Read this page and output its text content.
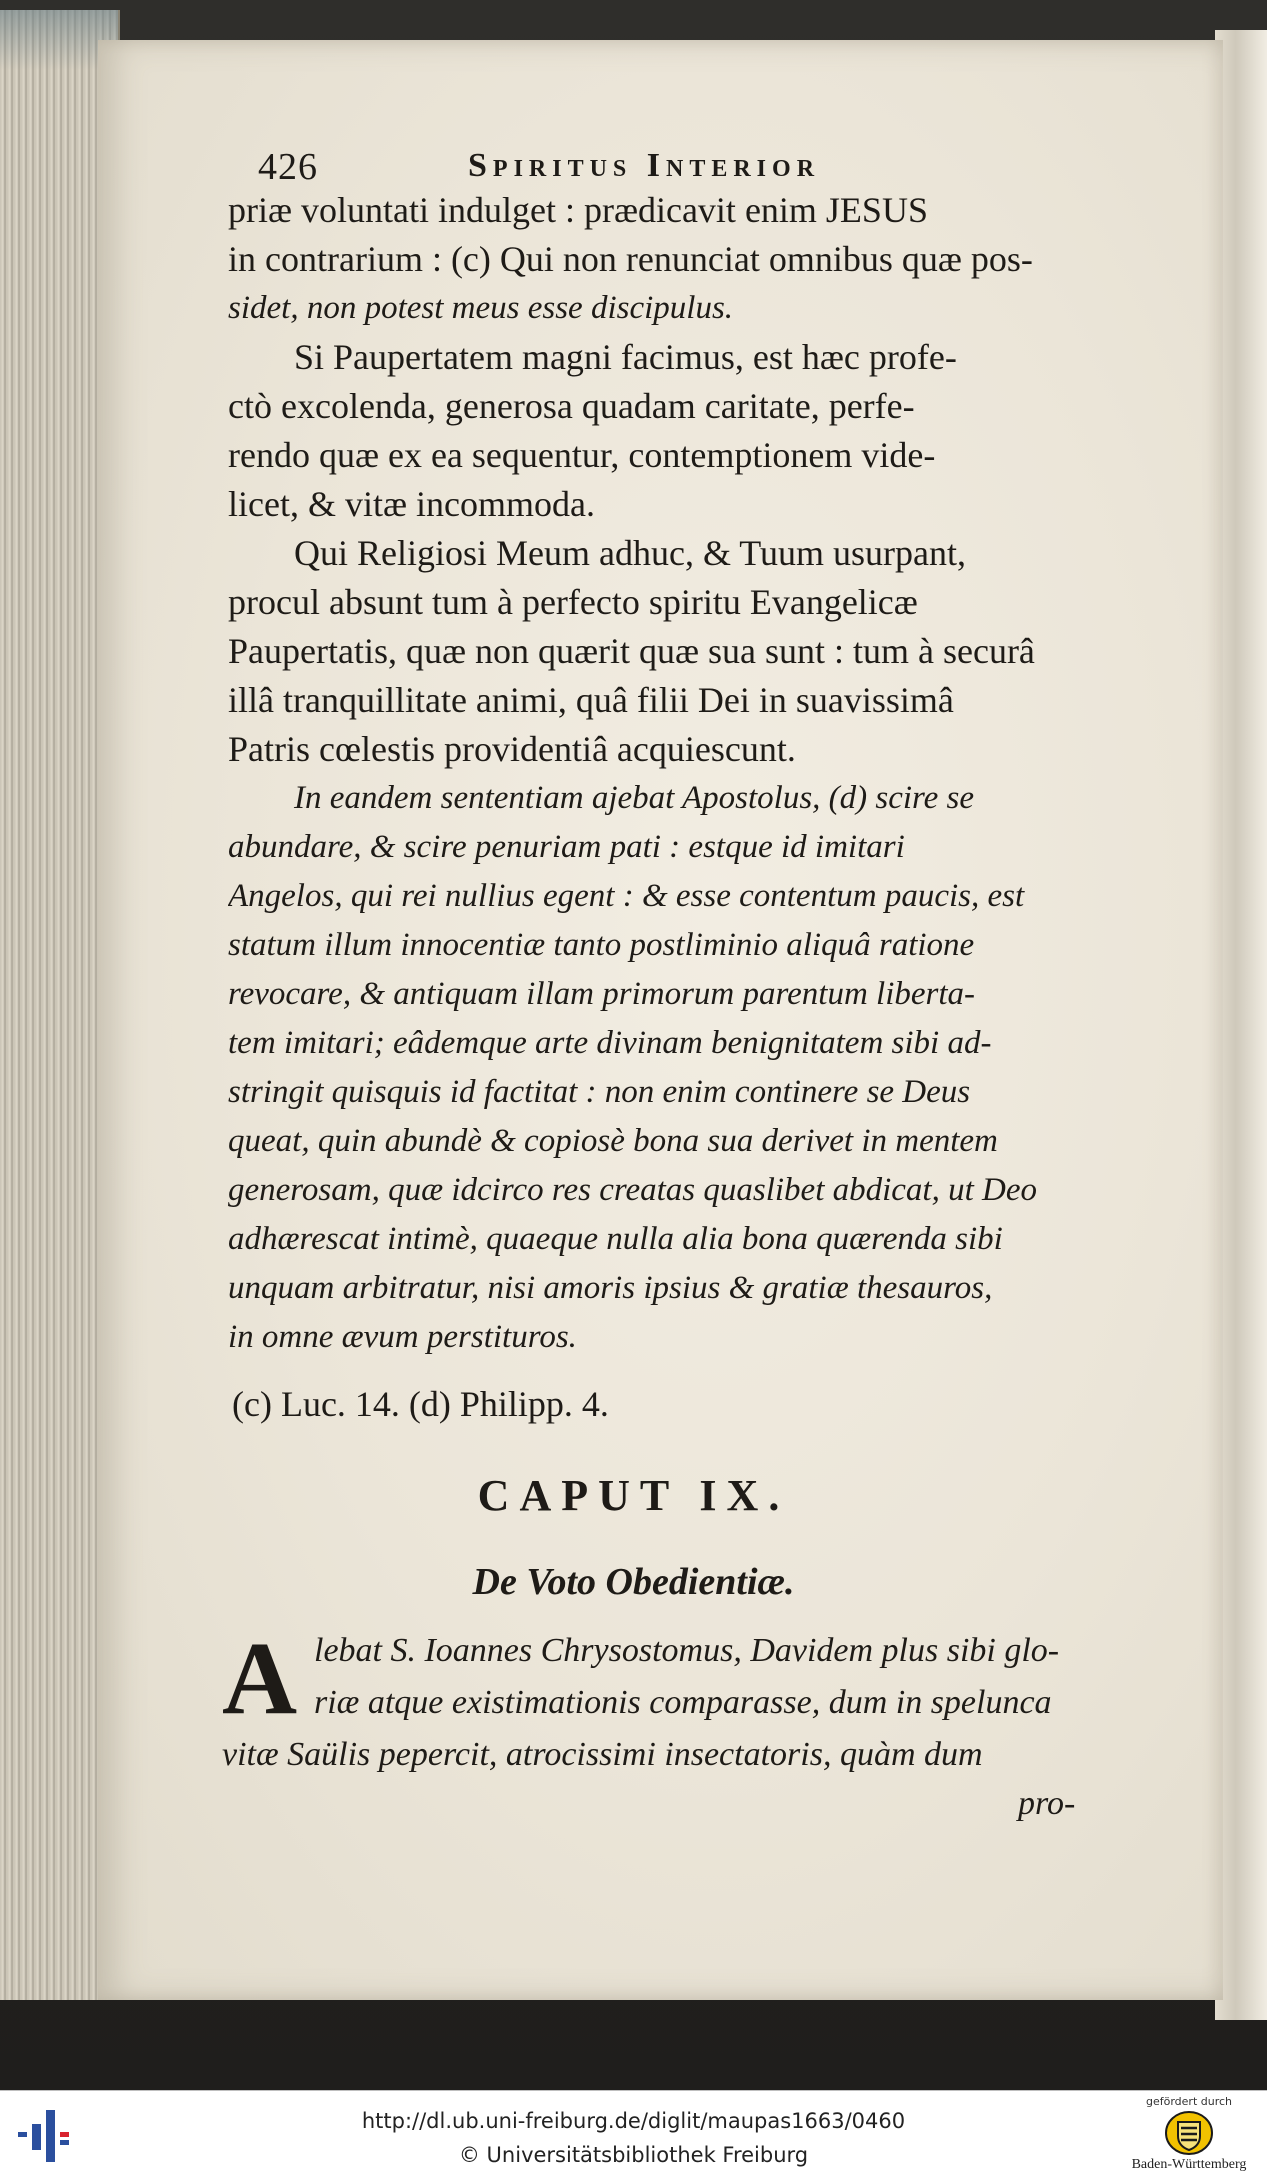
426	Spiritus Interior
priæ voluntati indulget : prædicavit enim JESUS
in contrarium : (c) Qui non renunciat omnibus quæ pos-
sidet, non potest meus esse discipulus.
Si Paupertatem magni facimus, est hæc profe-
ctò excolenda, generosa quadam caritate, perfe-
rendo quæ ex ea sequentur, contemptionem vide-
licet, & vitæ incommoda.
Qui Religiosi Meum adhuc, & Tuum usurpant,
procul absunt tum à perfecto spiritu Evangelicæ
Paupertatis, quæ non quærit quæ sua sunt : tum à securâ
illâ tranquillitate animi, quâ filii Dei in suavissimâ
Patris cœlestis providentiâ acquiescunt.
In eandem sententiam ajebat Apostolus, (d) scire se
abundare, & scire penuriam pati : estque id imitari
Angelos, qui rei nullius egent : & esse contentum paucis, est
statum illum innocentiæ tanto postliminio aliquâ ratione
revocare, & antiquam illam primorum parentum liberta-
tem imitari; eâdemque arte divinam benignitatem sibi ad-
stringit quisquis id factitat : non enim continere se Deus
queat, quin abundè & copiosè bona sua derivet in mentem
generosam, quæ idcirco res creatas quaslibet abdicat, ut Deo
adhærescat intimè, quaeque nulla alia bona quærenda sibi
unquam arbitratur, nisi amoris ipsius & gratiæ thesauros,
in omne ævum perstituros.
(c) Luc. 14. (d) Philipp. 4.
CAPUT IX.
De Voto Obedientiæ.
A lebat S. Ioannes Chrysostomus, Davidem plus sibi glo-
riæ atque existimationis comparasse, dum in spelunca
vitæ Saülis pepercit, atrocissimi insectatoris, quàm dum
pro-
http://dl.ub.uni-freiburg.de/diglit/maupas1663/0460
© Universitätsbibliothek Freiburg
gefördert durch
Baden-Württemberg
